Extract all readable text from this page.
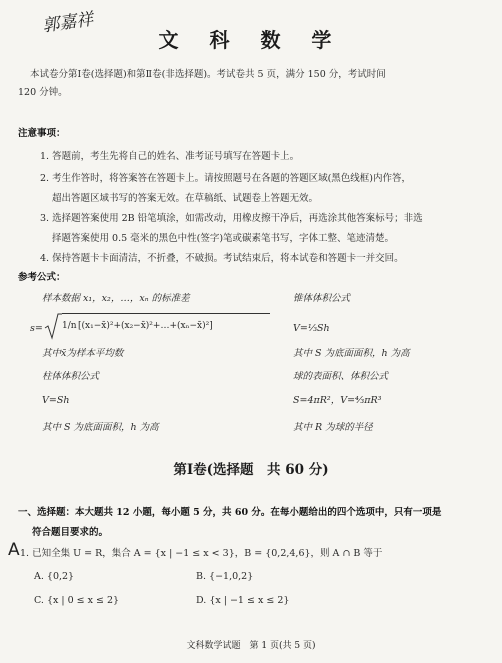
郭嘉祥
文 科 数 学
本试卷分第Ⅰ卷(选择题)和第Ⅱ卷(非选择题)。考试卷共 5 页，满分 150 分，考试时间
120 分钟。
注意事项：
1. 答题前，考生先将自己的姓名、准考证号填写在答题卡上。
2. 考生作答时，将答案答在答题卡上。请按照题号在各题的答题区域(黑色线框)内作答，
超出答题区域书写的答案无效。在草稿纸、试题卷上答题无效。
3. 选择题答案使用 2B 铅笔填涂，如需改动，用橡皮擦干净后，再选涂其他答案标号；非选
择题答案使用 0.5 毫米的黑色中性(签字)笔或碳素笔书写，字体工整、笔迹清楚。
4. 保持答题卡卡面清洁，不折叠，不破损。考试结束后，将本试卷和答题卡一并交回。
参考公式：
样本数据 x₁，x₂，…，xₙ 的标准差
s= 1/n [(x₁−x̄)²+(x₂−x̄)²+…+(xₙ−x̄)²]
其中x̄为样本平均数
柱体体积公式
V=Sh
其中 S 为底面面积，h 为高
锥体体积公式
V=⅓Sh
其中 S 为底面面积，h 为高
球的表面积、体积公式
S=4πR²，V=⁴⁄₃πR³
其中 R 为球的半径
第Ⅰ卷(选择题　共 60 分)
一、选择题：本大题共 12 小题，每小题 5 分，共 60 分。在每小题给出的四个选项中，只有一项是
符合题目要求的。
A 1. 已知全集 U = R，集合 A = {x | −1 ≤ x < 3}，B = {0,2,4,6}，则 A ∩ B 等于
A. {0,2}	B. {−1,0,2}
C. {x | 0 ≤ x ≤ 2}	D. {x | −1 ≤ x ≤ 2}
文科数学试题　第 1 页(共 5 页)
